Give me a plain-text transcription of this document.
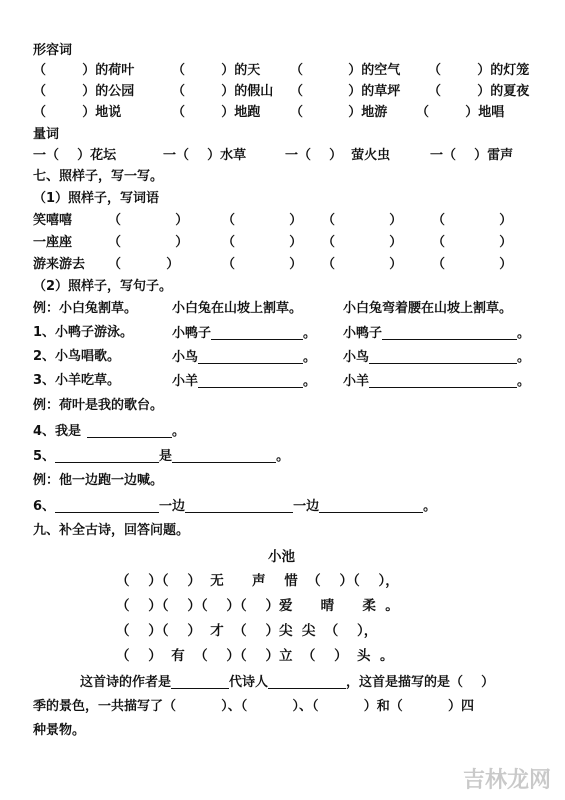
形容词
（        ）的荷叶	（        ）的天 （          ）的空气 （        ）的灯笼
（        ）的公园	（        ）的假山 （          ）的草坪 （        ）的夏夜
（        ）地说	（        ）地跑 （          ）地游 （        ）地唱
量词
一（    ）花坛	一（    ）水草	一（    ）  萤火虫	一（    ）雷声
七、照样子，写一写。
（1）照样子，写词语
笑嘻嘻	（            ）	（            ） （            ） （            ）
一座座	（            ）	（            ） （            ） （            ）
游来游去 （          ）	（            ） （            ） （            ）
（2）照样子，写句子。
例：小白兔割草。	小白兔在山坡上割草。	小白兔弯着腰在山坡上割草。
1、小鸭子游泳。	小鸭子	。 小鸭子	。
2、小鸟唱歌。	小鸟	。 小鸟	。
3、小羊吃草。	小羊	。 小羊	。
例：荷叶是我的歌台。
4、我是	。
5、	是	。
例：他一边跑一边喊。
6、	一边	一边	。
九、补全古诗，回答问题。
小池
（    ）（    ）  无      声    惜  （    ）（    ），
（    ）（    ）（    ）（    ）爱      晴      柔  。
（    ）（    ）  才  （    ）尖  尖  （    ），
（    ）  有  （    ）（    ）立  （    ）  头  。
这首诗的作者是	代诗人	，这首是描写的是（    ）
季的景色，一共描写了（          ）、（          ）、（          ）和（          ）四
种景物。
吉林龙网
